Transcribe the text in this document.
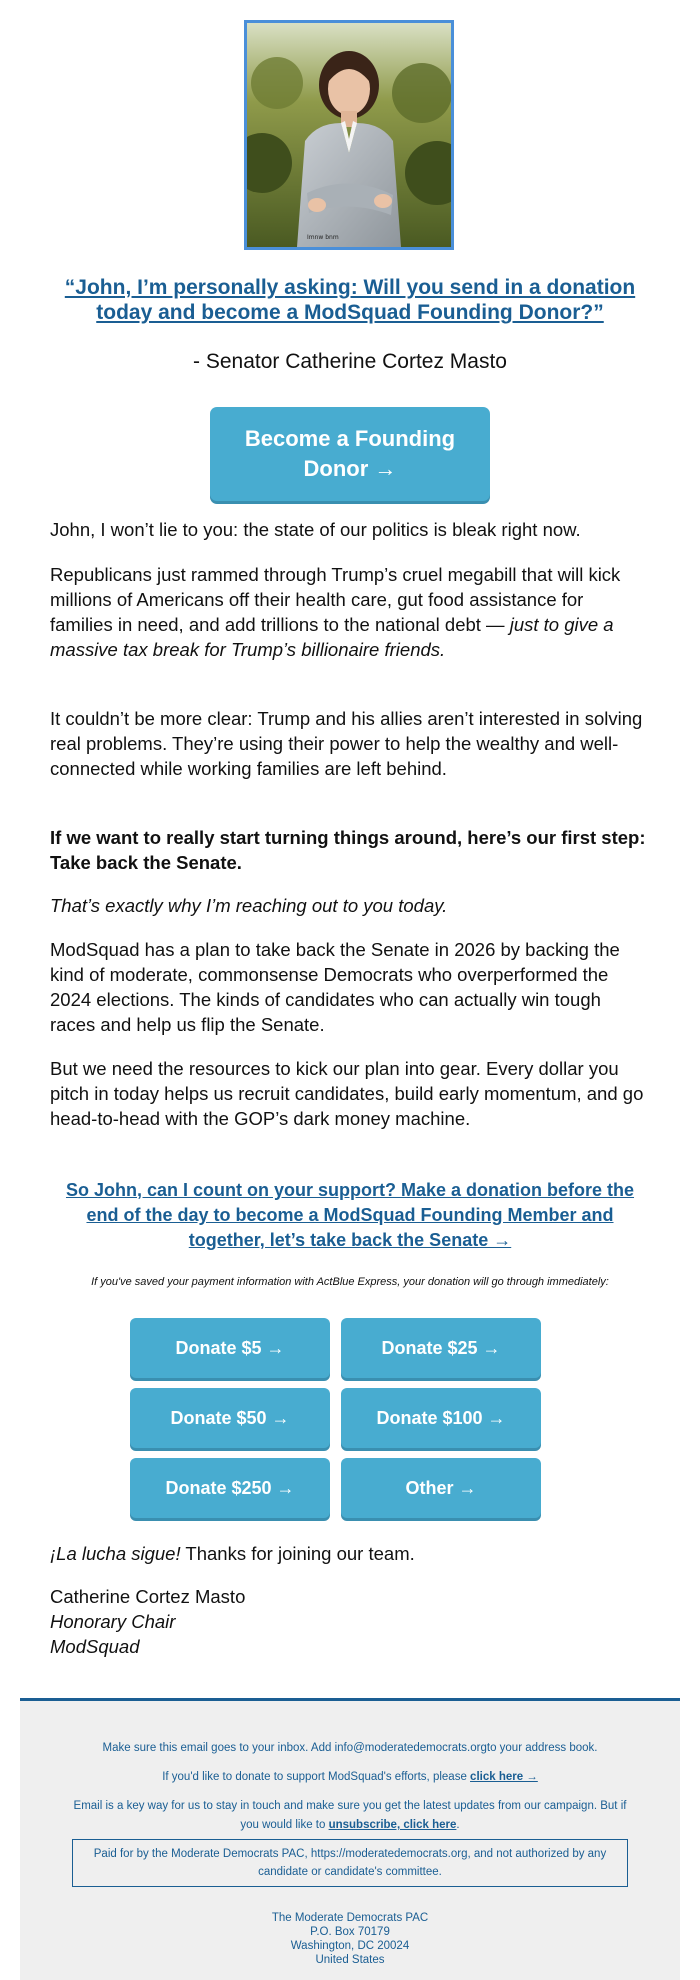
Imnw bnm
“John, I’m personally asking: Will you send in a donation today and become a ModSquad Founding Donor?”
- Senator Catherine Cortez Masto
Become a Founding Donor →

John, I won’t lie to you: the state of our politics is bleak right now.

Republicans just rammed through Trump’s cruel megabill that will kick millions of Americans off their health care, gut food assistance for families in need, and add trillions to the national debt — just to give a massive tax break for Trump’s billionaire friends.

It couldn’t be more clear: Trump and his allies aren’t interested in solving real problems. They’re using their power to help the wealthy and well-connected while working families are left behind.

If we want to really start turning things around, here’s our first step: Take back the Senate.

That’s exactly why I’m reaching out to you today.

ModSquad has a plan to take back the Senate in 2026 by backing the kind of moderate, commonsense Democrats who overperformed the 2024 elections. The kinds of candidates who can actually win tough races and help us flip the Senate.

But we need the resources to kick our plan into gear. Every dollar you pitch in today helps us recruit candidates, build early momentum, and go head-to-head with the GOP’s dark money machine.

So John, can I count on your support? Make a donation before the end of the day to become a ModSquad Founding Member and together, let’s take back the Senate →
If you've saved your payment information with ActBlue Express, your donation will go through immediately:
Donate $5 →	Donate $25 →
Donate $50 →	Donate $100 →
Donate $250 →	Other →

¡La lucha sigue! Thanks for joining our team.

Catherine Cortez Masto

Honorary Chair

ModSquad

Make sure this email goes to your inbox. Add info@moderatedemocrats.orgto your address book.
If you'd like to donate to support ModSquad's efforts, please click here →
Email is a key way for us to stay in touch and make sure you get the latest updates from our campaign. But if you would like to unsubscribe, click here.
Paid for by the Moderate Democrats PAC, https://moderatedemocrats.org, and not authorized by any candidate or candidate's committee.
The Moderate Democrats PAC
P.O. Box 70179
Washington, DC 20024
United States
